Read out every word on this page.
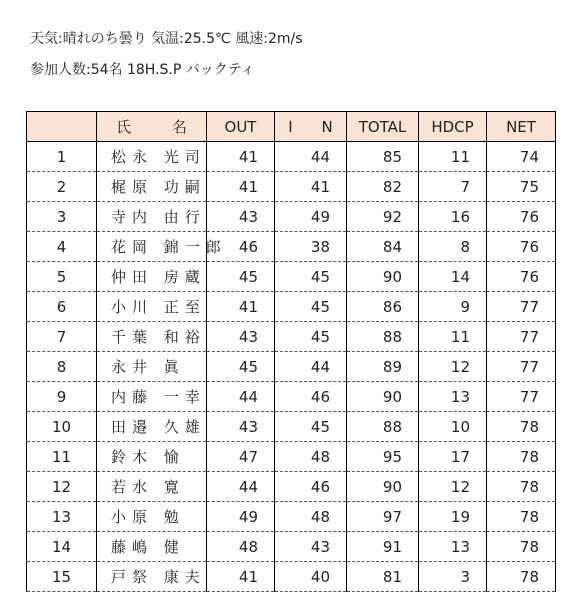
天気:晴れのち曇り 気温:25.5℃ 風速:2m/s
参加人数:54名 18H.S.P バックティ
	氏 名	OUT	I N	TOTAL	HDCP	NET
1	松永 光司	41	44	85	11	74
2	梶原 功嗣	41	41	82	7	75
3	寺内 由行	43	49	92	16	76
4	花岡 錦一郎	46	38	84	8	76
5	仲田 房蔵	45	45	90	14	76
6	小川 正至	41	45	86	9	77
7	千葉 和裕	43	45	88	11	77
8	永井 眞	45	44	89	12	77
9	内藤 一幸	44	46	90	13	77
10	田邉 久雄	43	45	88	10	78
11	鈴木 愉	47	48	95	17	78
12	若水 寛	44	46	90	12	78
13	小原 勉	49	48	97	19	78
14	藤嶋 健	48	43	91	13	78
15	戸祭 康夫	41	40	81	3	78
